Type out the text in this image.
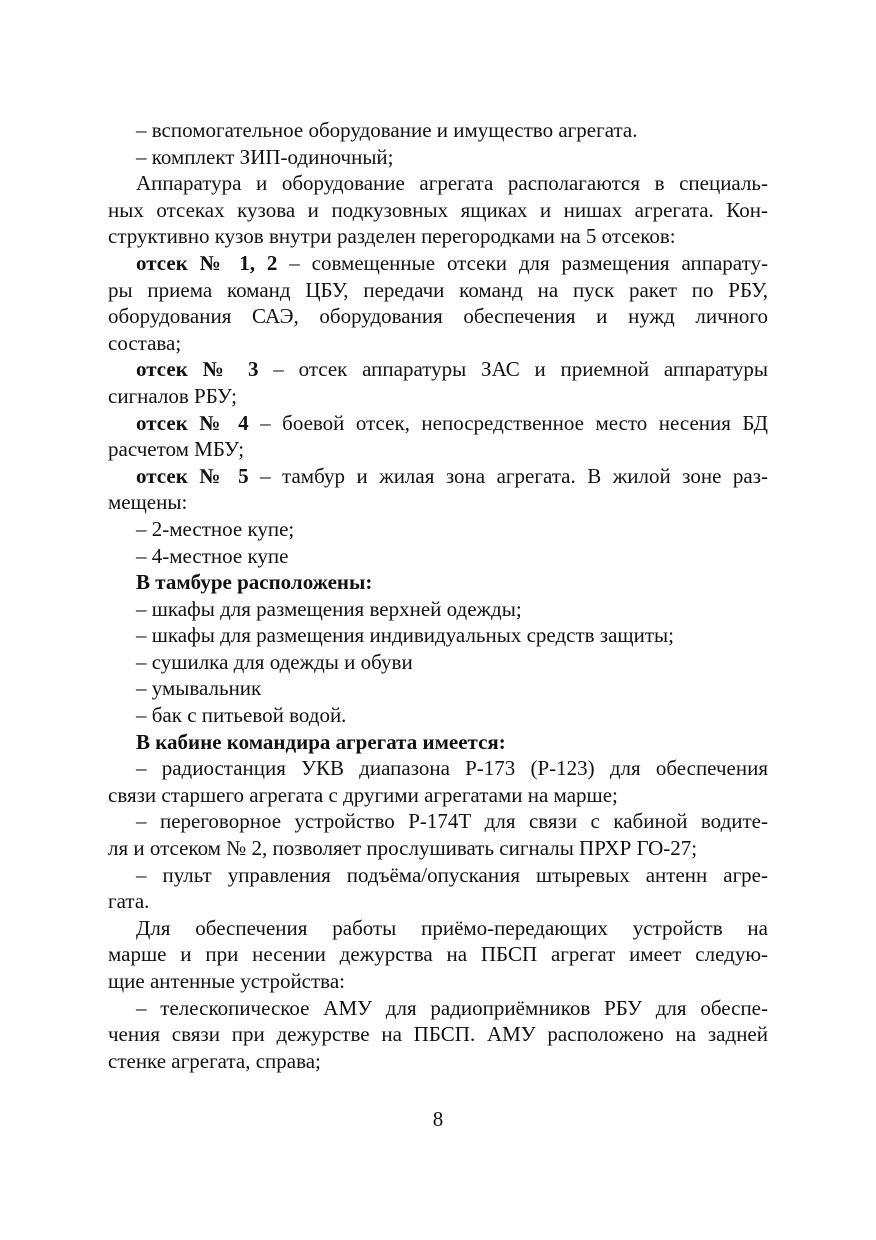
– вспомогательное оборудование и имущество агрегата.
– комплект ЗИП-одиночный;
Аппаратура и оборудование агрегата располагаются в специаль-
ных отсеках кузова и подкузовных ящиках и нишах агрегата. Кон-
структивно кузов внутри разделен перегородками на 5 отсеков:
отсек № 1, 2 – совмещенные отсеки для размещения аппарату-
ры приема команд ЦБУ, передачи команд на пуск ракет по РБУ,
оборудования САЭ, оборудования обеспечения и нужд личного
состава;
отсек № 3 – отсек аппаратуры ЗАС и приемной аппаратуры
сигналов РБУ;
отсек № 4 – боевой отсек, непосредственное место несения БД
расчетом МБУ;
отсек № 5 – тамбур и жилая зона агрегата. В жилой зоне раз-
мещены:
– 2-местное купе;
– 4-местное купе
В тамбуре расположены:
– шкафы для размещения верхней одежды;
– шкафы для размещения индивидуальных средств защиты;
– сушилка для одежды и обуви
– умывальник
– бак с питьевой водой.
В кабине командира агрегата имеется:
– радиостанция УКВ диапазона Р-173 (Р-123) для обеспечения
связи старшего агрегата с другими агрегатами на марше;
– переговорное устройство Р-174Т для связи с кабиной водите-
ля и отсеком № 2, позволяет прослушивать сигналы ПРХР ГО-27;
– пульт управления подъёма/опускания штыревых антенн агре-
гата.
Для обеспечения работы приёмо-передающих устройств на
марше и при несении дежурства на ПБСП агрегат имеет следую-
щие антенные устройства:
– телескопическое АМУ для радиоприёмников РБУ для обеспе-
чения связи при дежурстве на ПБСП. АМУ расположено на задней
стенке агрегата, справа;
8
